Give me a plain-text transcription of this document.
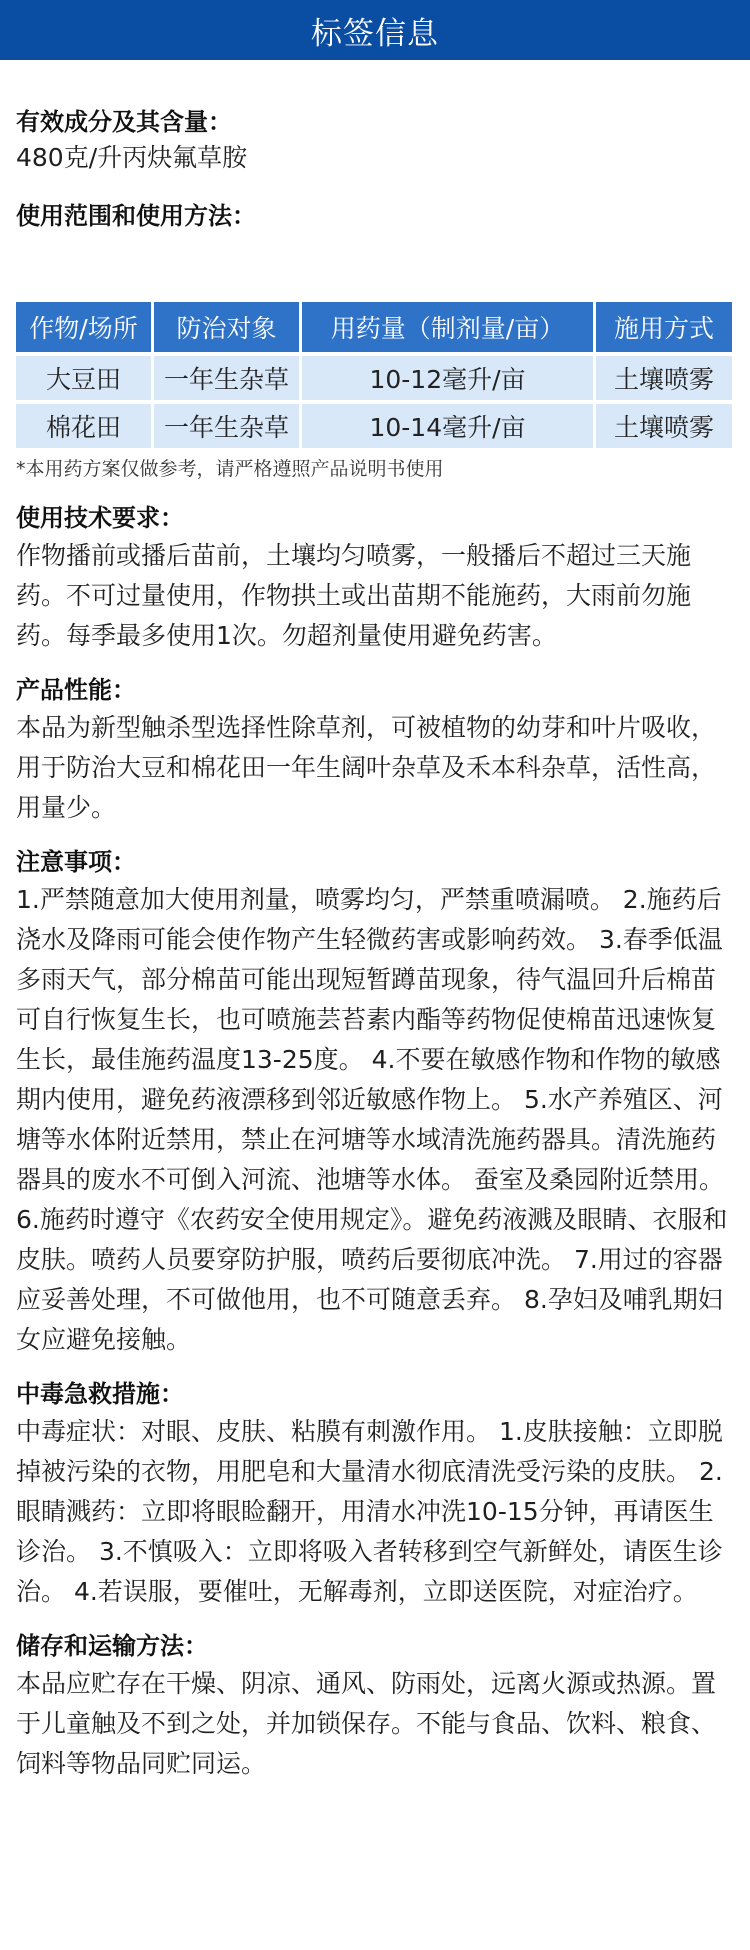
标签信息
有效成分及其含量：
480克/升丙炔氟草胺
使用范围和使用方法：
作物/场所	防治对象	用药量（制剂量/亩）	施用方式
大豆田	一年生杂草	10-12毫升/亩	土壤喷雾
棉花田	一年生杂草	10-14毫升/亩	土壤喷雾
*本用药方案仅做参考，请严格遵照产品说明书使用
使用技术要求：
作物播前或播后苗前，土壤均匀喷雾，一般播后不超过三天施药。不可过量使用，作物拱土或出苗期不能施药，大雨前勿施药。每季最多使用1次。勿超剂量使用避免药害。
产品性能：
本品为新型触杀型选择性除草剂，可被植物的幼芽和叶片吸收，用于防治大豆和棉花田一年生阔叶杂草及禾本科杂草，活性高，用量少。
注意事项：
1.严禁随意加大使用剂量，喷雾均匀，严禁重喷漏喷。 2.施药后浇水及降雨可能会使作物产生轻微药害或影响药效。 3.春季低温多雨天气，部分棉苗可能出现短暂蹲苗现象，待气温回升后棉苗可自行恢复生长，也可喷施芸苔素内酯等药物促使棉苗迅速恢复生长，最佳施药温度13-25度。 4.不要在敏感作物和作物的敏感期内使用，避免药液漂移到邻近敏感作物上。 5.水产养殖区、河塘等水体附近禁用，禁止在河塘等水域清洗施药器具。清洗施药器具的废水不可倒入河流、池塘等水体。 蚕室及桑园附近禁用。 6.施药时遵守《农药安全使用规定》。避免药液溅及眼睛、衣服和皮肤。喷药人员要穿防护服，喷药后要彻底冲洗。 7.用过的容器应妥善处理，不可做他用，也不可随意丢弃。 8.孕妇及哺乳期妇女应避免接触。
中毒急救措施：
中毒症状：对眼、皮肤、粘膜有刺激作用。 1.皮肤接触：立即脱掉被污染的衣物，用肥皂和大量清水彻底清洗受污染的皮肤。 2.眼睛溅药：立即将眼睑翻开，用清水冲洗10-15分钟，再请医生诊治。 3.不慎吸入：立即将吸入者转移到空气新鲜处，请医生诊治。 4.若误服，要催吐，无解毒剂，立即送医院，对症治疗。
储存和运输方法：
本品应贮存在干燥、阴凉、通风、防雨处，远离火源或热源。置于儿童触及不到之处，并加锁保存。不能与食品、饮料、粮食、饲料等物品同贮同运。
